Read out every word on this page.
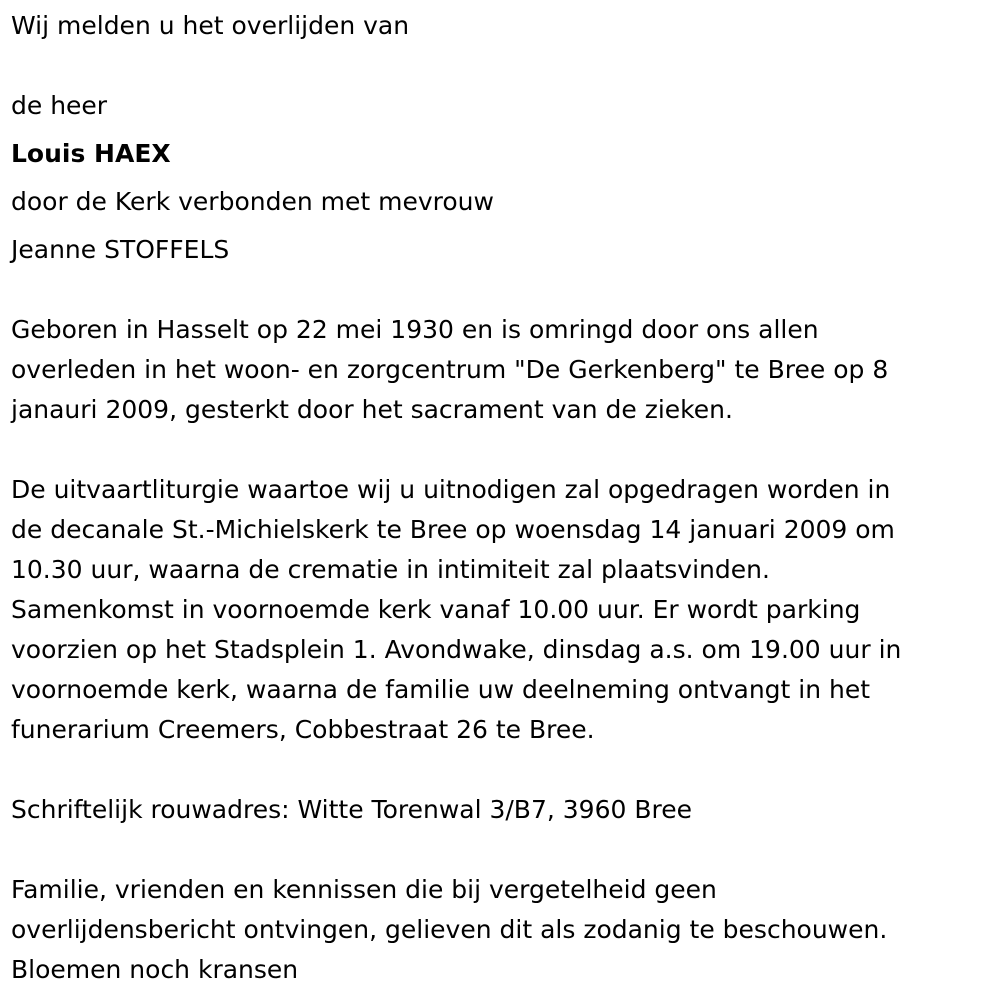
Wij melden u het overlijden van
de heer
Louis HAEX
door de Kerk verbonden met mevrouw
Jeanne STOFFELS
Geboren in Hasselt op 22 mei 1930 en is omringd door ons allen
overleden in het woon- en zorgcentrum "De Gerkenberg" te Bree op 8
janauri 2009, gesterkt door het sacrament van de zieken.
De uitvaartliturgie waartoe wij u uitnodigen zal opgedragen worden in
de decanale St.-Michielskerk te Bree op woensdag 14 januari 2009 om
10.30 uur, waarna de crematie in intimiteit zal plaatsvinden.
Samenkomst in voornoemde kerk vanaf 10.00 uur. Er wordt parking
voorzien op het Stadsplein 1. Avondwake, dinsdag a.s. om 19.00 uur in
voornoemde kerk, waarna de familie uw deelneming ontvangt in het
funerarium Creemers, Cobbestraat 26 te Bree.
Schriftelijk rouwadres: Witte Torenwal 3/B7, 3960 Bree
Familie, vrienden en kennissen die bij vergetelheid geen
overlijdensbericht ontvingen, gelieven dit als zodanig te beschouwen.
Bloemen noch kransen
